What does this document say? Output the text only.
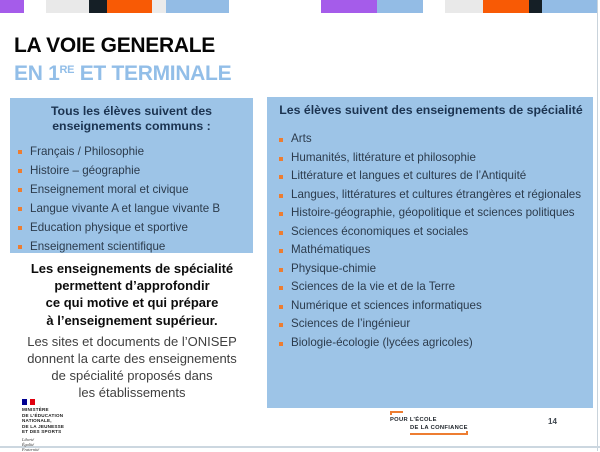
LA VOIE GENERALE
EN 1RE ET TERMINALE
Tous les élèves suivent des enseignements communs :
Français / Philosophie
Histoire – géographie
Enseignement moral et civique
Langue vivante A et langue vivante B
Education physique et sportive
Enseignement scientifique
Les enseignements de spécialité
permettent d’approfondir
ce qui motive et qui prépare
à l’enseignement supérieur.
Les sites et documents de l’ONISEP
donnent la carte des enseignements
de spécialité proposés dans
les établissements
Les élèves suivent des enseignements de spécialité
Arts
Humanités, littérature et philosophie
Littérature et langues et cultures de l’Antiquité
Langues, littératures et cultures étrangères et régionales
Histoire-géographie, géopolitique et sciences politiques
Sciences économiques et sociales
Mathématiques
Physique-chimie
Sciences de la vie et de la Terre
Numérique et sciences informatiques
Sciences de l’ingénieur
Biologie-écologie (lycées agricoles)
MINISTÈRE
DE L’ÉDUCATION
NATIONALE,
DE LA JEUNESSE
ET DES SPORTS
Liberté
Égalité
Fraternité
POUR L’ÉCOLE
DE LA CONFIANCE
14
